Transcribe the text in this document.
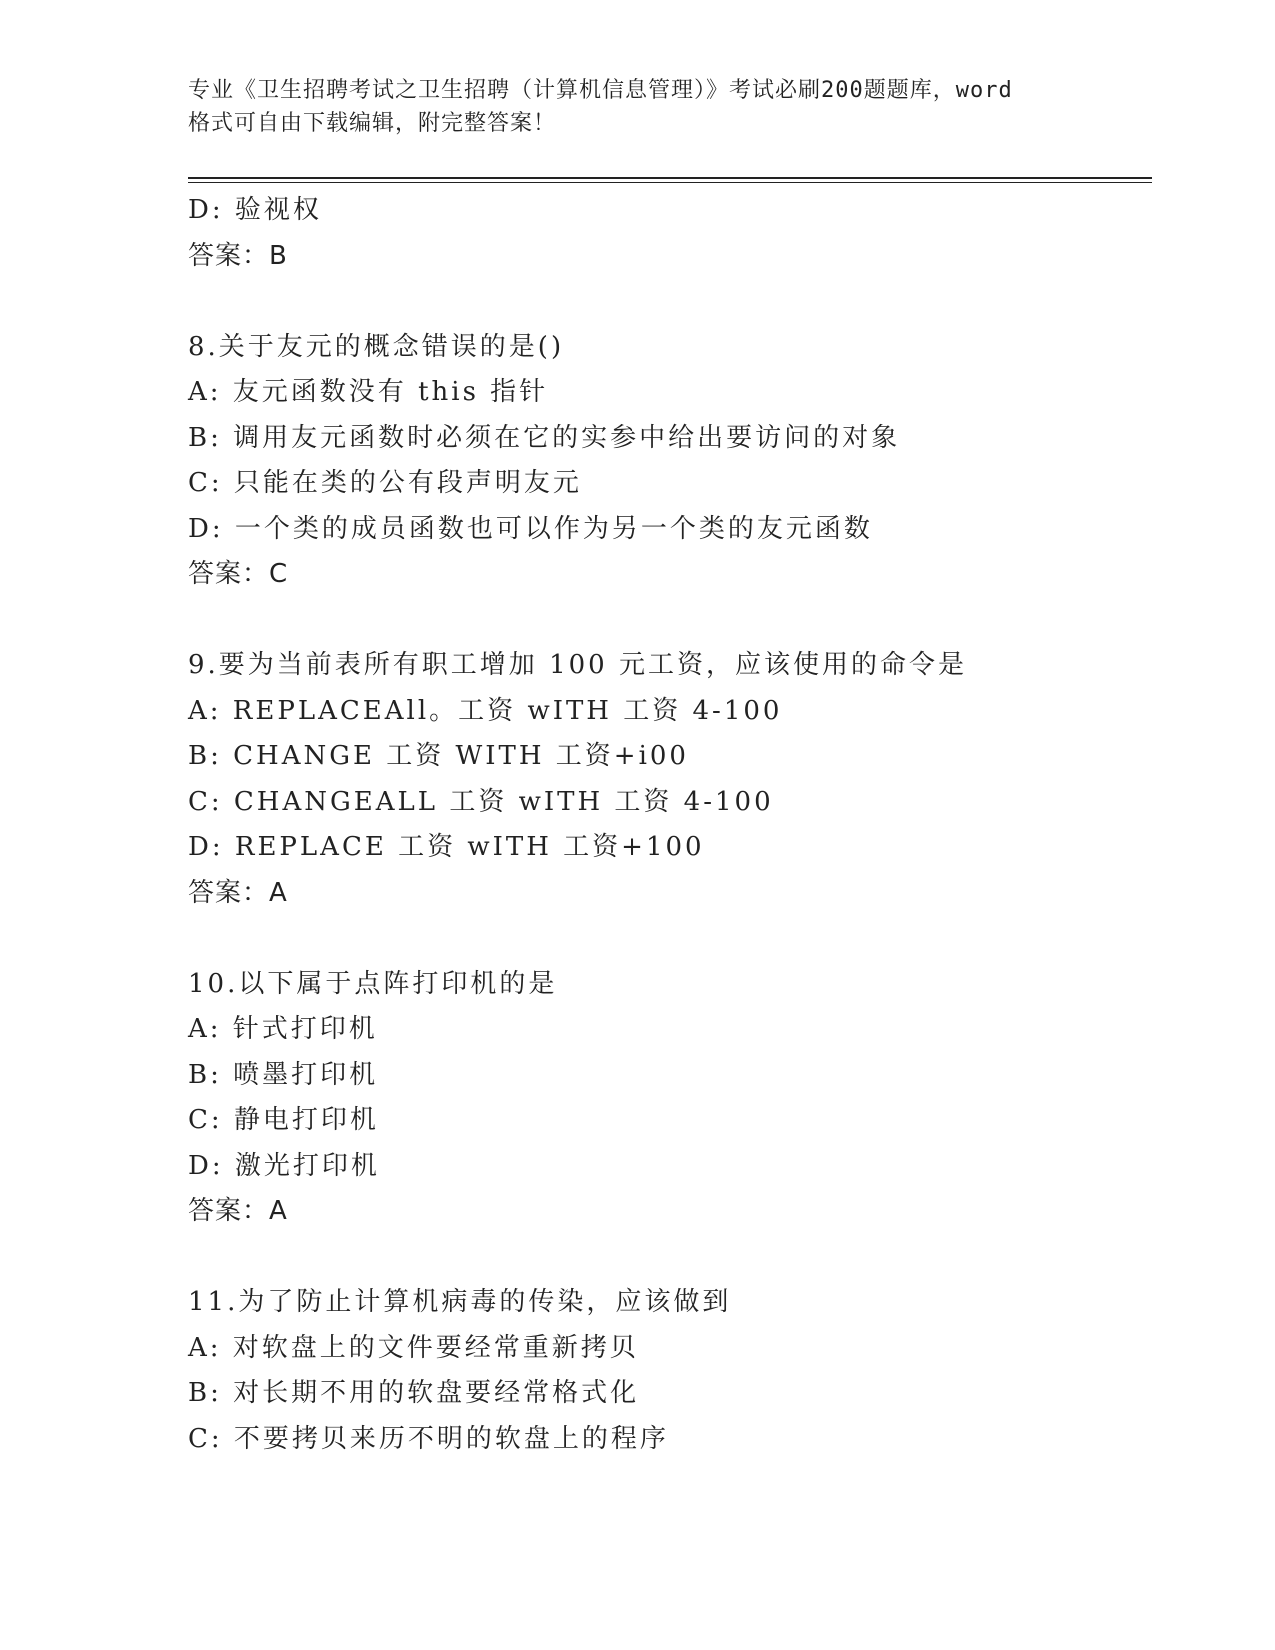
专业《卫生招聘考试之卫生招聘（计算机信息管理）》考试必刷200题题库，word
格式可自由下载编辑，附完整答案！
D: 验视权
答案：B
8.关于友元的概念错误的是()
A: 友元函数没有 this 指针
B: 调用友元函数时必须在它的实参中给出要访问的对象
C: 只能在类的公有段声明友元
D: 一个类的成员函数也可以作为另一个类的友元函数
答案：C
9.要为当前表所有职工增加 100 元工资，应该使用的命令是
A: REPLACEAll。工资 wITH 工资 4-100
B: CHANGE 工资 WITH 工资+i00
C: CHANGEALL 工资 wITH 工资 4-100
D: REPLACE 工资 wITH 工资+100
答案：A
10.以下属于点阵打印机的是
A: 针式打印机
B: 喷墨打印机
C: 静电打印机
D: 激光打印机
答案：A
11.为了防止计算机病毒的传染，应该做到
A: 对软盘上的文件要经常重新拷贝
B: 对长期不用的软盘要经常格式化
C: 不要拷贝来历不明的软盘上的程序
